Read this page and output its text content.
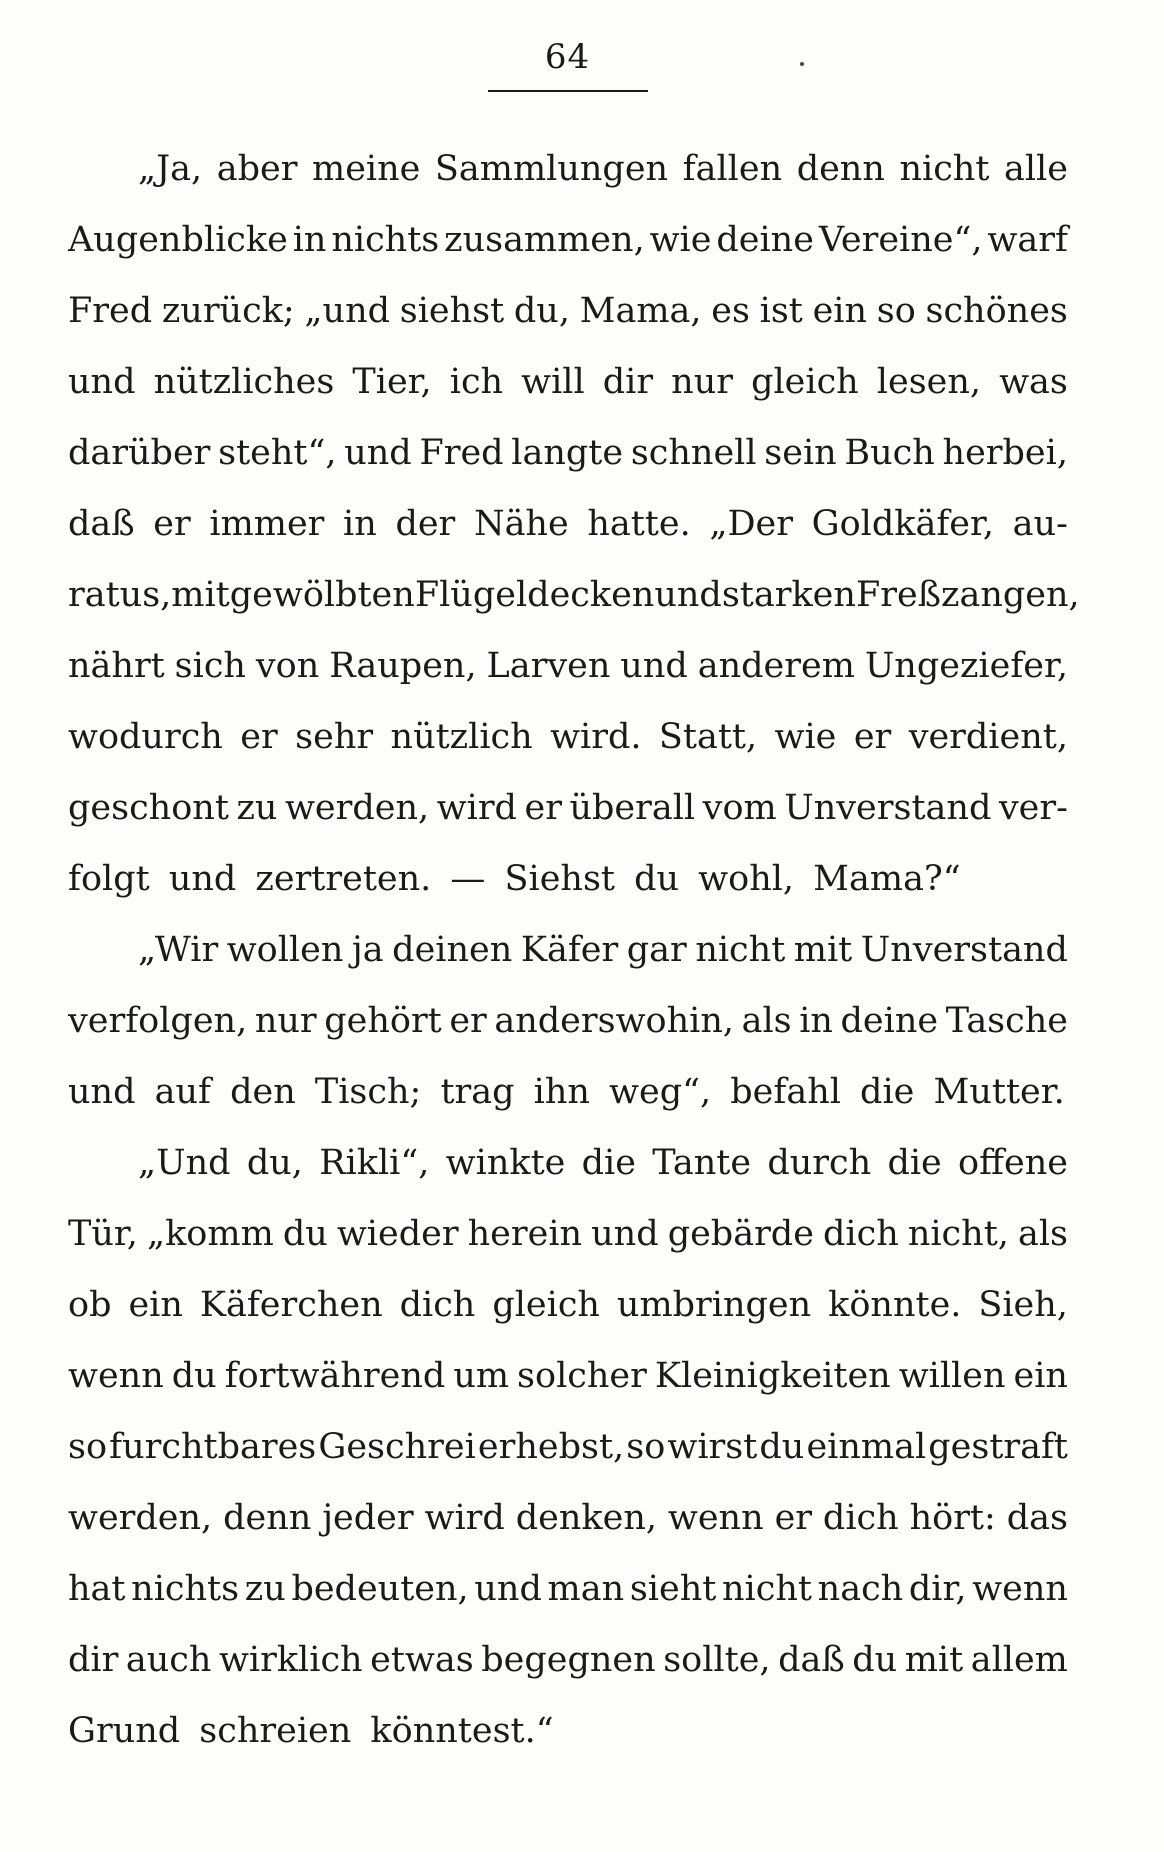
64
„Ja, aber meine Sammlungen fallen denn nicht alle
Augenblicke in nichts zusammen, wie deine Vereine“, warf
Fred zurück; „und siehst du, Mama, es ist ein so schönes
und nützliches Tier, ich will dir nur gleich lesen, was
darüber steht“, und Fred langte schnell sein Buch herbei,
daß er immer in der Nähe hatte. „Der Goldkäfer, au-
ratus, mit gewölbten Flügeldecken und starken Freßzangen,
nährt sich von Raupen, Larven und anderem Ungeziefer,
wodurch er sehr nützlich wird. Statt, wie er verdient,
geschont zu werden, wird er überall vom Unverstand ver-
folgt und zertreten. — Siehst du wohl, Mama?“
„Wir wollen ja deinen Käfer gar nicht mit Unverstand
verfolgen, nur gehört er anderswohin, als in deine Tasche
und auf den Tisch; trag ihn weg“, befahl die Mutter.
„Und du, Rikli“, winkte die Tante durch die offene
Tür, „komm du wieder herein und gebärde dich nicht, als
ob ein Käferchen dich gleich umbringen könnte. Sieh,
wenn du fortwährend um solcher Kleinigkeiten willen ein
so furchtbares Geschrei erhebst, so wirst du einmal gestraft
werden, denn jeder wird denken, wenn er dich hört: das
hat nichts zu bedeuten, und man sieht nicht nach dir, wenn
dir auch wirklich etwas begegnen sollte, daß du mit allem
Grund schreien könntest.“
